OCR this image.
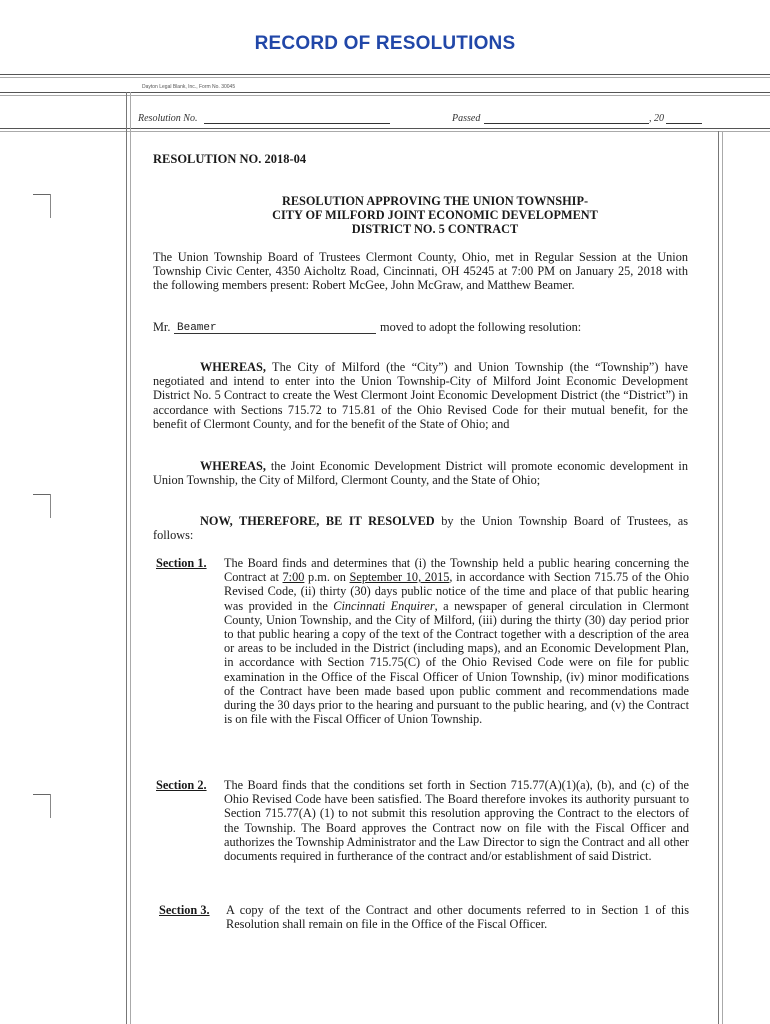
RECORD OF RESOLUTIONS
Dayton Legal Blank, Inc., Form No. 30045
Resolution No.	Passed	, 20
RESOLUTION NO. 2018-04
RESOLUTION APPROVING THE UNION TOWNSHIP-
CITY OF MILFORD JOINT ECONOMIC DEVELOPMENT
DISTRICT NO. 5 CONTRACT
The Union Township Board of Trustees Clermont County, Ohio, met in Regular Session at the Union Township Civic Center, 4350 Aicholtz Road, Cincinnati, OH 45245 at 7:00 PM on January 25, 2018 with the following members present: Robert McGee, John McGraw, and Matthew Beamer.
Mr. Beamer	moved to adopt the following resolution:
WHEREAS, The City of Milford (the “City”) and Union Township (the “Township”) have negotiated and intend to enter into the Union Township-City of Milford Joint Economic Development District No. 5 Contract to create the West Clermont Joint Economic Development District (the “District”) in accordance with Sections 715.72 to 715.81 of the Ohio Revised Code for their mutual benefit, for the benefit of Clermont County, and for the benefit of the State of Ohio; and
WHEREAS, the Joint Economic Development District will promote economic development in Union Township, the City of Milford, Clermont County, and the State of Ohio;
NOW, THEREFORE, BE IT RESOLVED by the Union Township Board of Trustees, as follows:
Section 1. The Board finds and determines that (i) the Township held a public hearing concerning the Contract at 7:00 p.m. on September 10, 2015, in accordance with Section 715.75 of the Ohio Revised Code, (ii) thirty (30) days public notice of the time and place of that public hearing was provided in the Cincinnati Enquirer, a newspaper of general circulation in Clermont County, Union Township, and the City of Milford, (iii) during the thirty (30) day period prior to that public hearing a copy of the text of the Contract together with a description of the area or areas to be included in the District (including maps), and an Economic Development Plan, in accordance with Section 715.75(C) of the Ohio Revised Code were on file for public examination in the Office of the Fiscal Officer of Union Township, (iv) minor modifications of the Contract have been made based upon public comment and recommendations made during the 30 days prior to the hearing and pursuant to the public hearing, and (v) the Contract is on file with the Fiscal Officer of Union Township.
Section 2. The Board finds that the conditions set forth in Section 715.77(A)(1)(a), (b), and (c) of the Ohio Revised Code have been satisfied. The Board therefore invokes its authority pursuant to Section 715.77(A) (1) to not submit this resolution approving the Contract to the electors of the Township. The Board approves the Contract now on file with the Fiscal Officer and authorizes the Township Administrator and the Law Director to sign the Contract and all other documents required in furtherance of the contract and/or establishment of said District.
Section 3. A copy of the text of the Contract and other documents referred to in Section 1 of this Resolution shall remain on file in the Office of the Fiscal Officer.
